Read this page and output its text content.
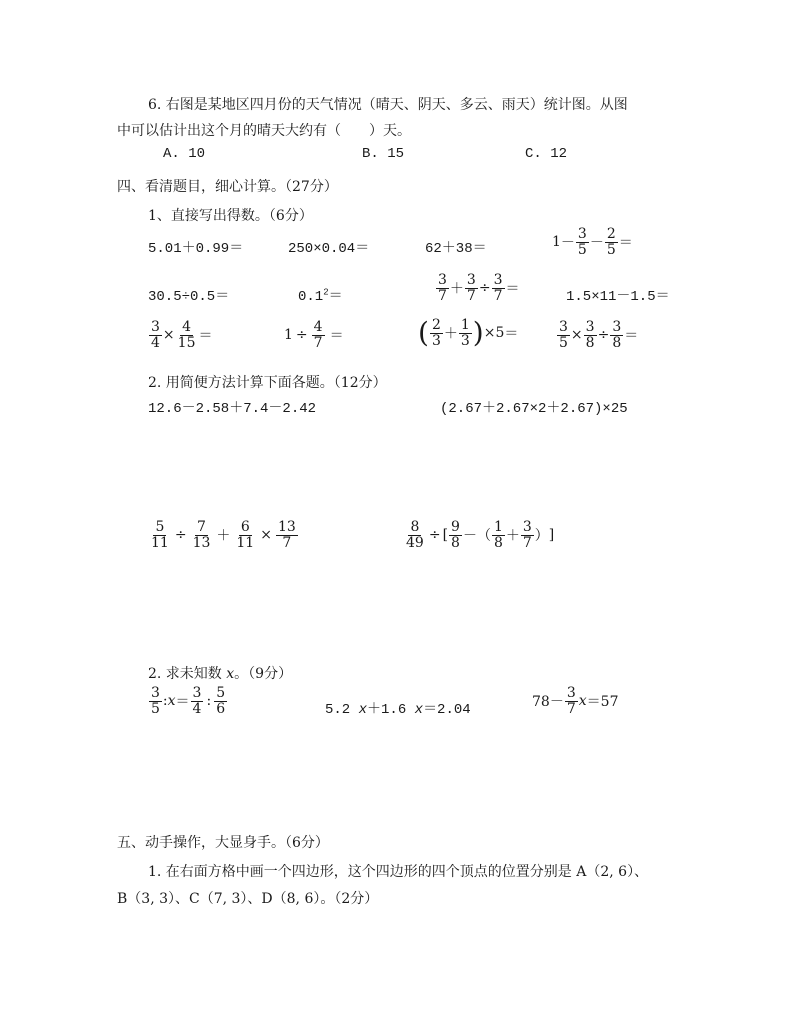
6. 右图是某地区四月份的天气情况（晴天、阴天、多云、雨天）统计图。从图
中可以估计出这个月的晴天大约有（　　）天。
A. 10	B. 15	C. 12
四、看清题目，细心计算。（27分）
1、直接写出得数。（6分）
5.01＋0.99＝	250×0.04＝	62＋38＝	$1 - \frac{3}{5} - \frac{2}{5}$ ＝
30.5÷0.5＝	$0.1^2=$	$\frac{3}{7} + \frac{3}{7} \div \frac{3}{7}$ ＝	1.5×11－1.5＝
$\frac{3}{4} \times \frac{4}{15}$ ＝	$1 \div \frac{4}{7}$ ＝	( $\frac{2}{3} + \frac{1}{3}$ ) ×5 ＝	$\frac{3}{5} \times \frac{3}{8} \div \frac{3}{8}$ ＝
2. 用简便方法计算下面各题。（12分）
12.6－2.58＋7.4－2.42	(2.67＋2.67×2＋2.67)×25
$\frac{5}{11} \div \frac{7}{13} + \frac{6}{11} \times \frac{13}{7}$	$\frac{8}{49}$ ÷ [ $\frac{9}{8}$ － （ $\frac{1}{8} + \frac{3}{7}$ ） ]
2. 求未知数 x。（9分）
$\frac{3}{5}$ : $x = \frac{3}{4}$ : $\frac{5}{6}$	5.2 x＋1.6 x＝2.04	$78- \frac{3}{7}$ x ＝57
五、动手操作，大显身手。（6分）
1. 在右面方格中画一个四边形，这个四边形的四个顶点的位置分别是 A（2, 6）、
B（3, 3）、C（7, 3）、D（8, 6）。（2分）
